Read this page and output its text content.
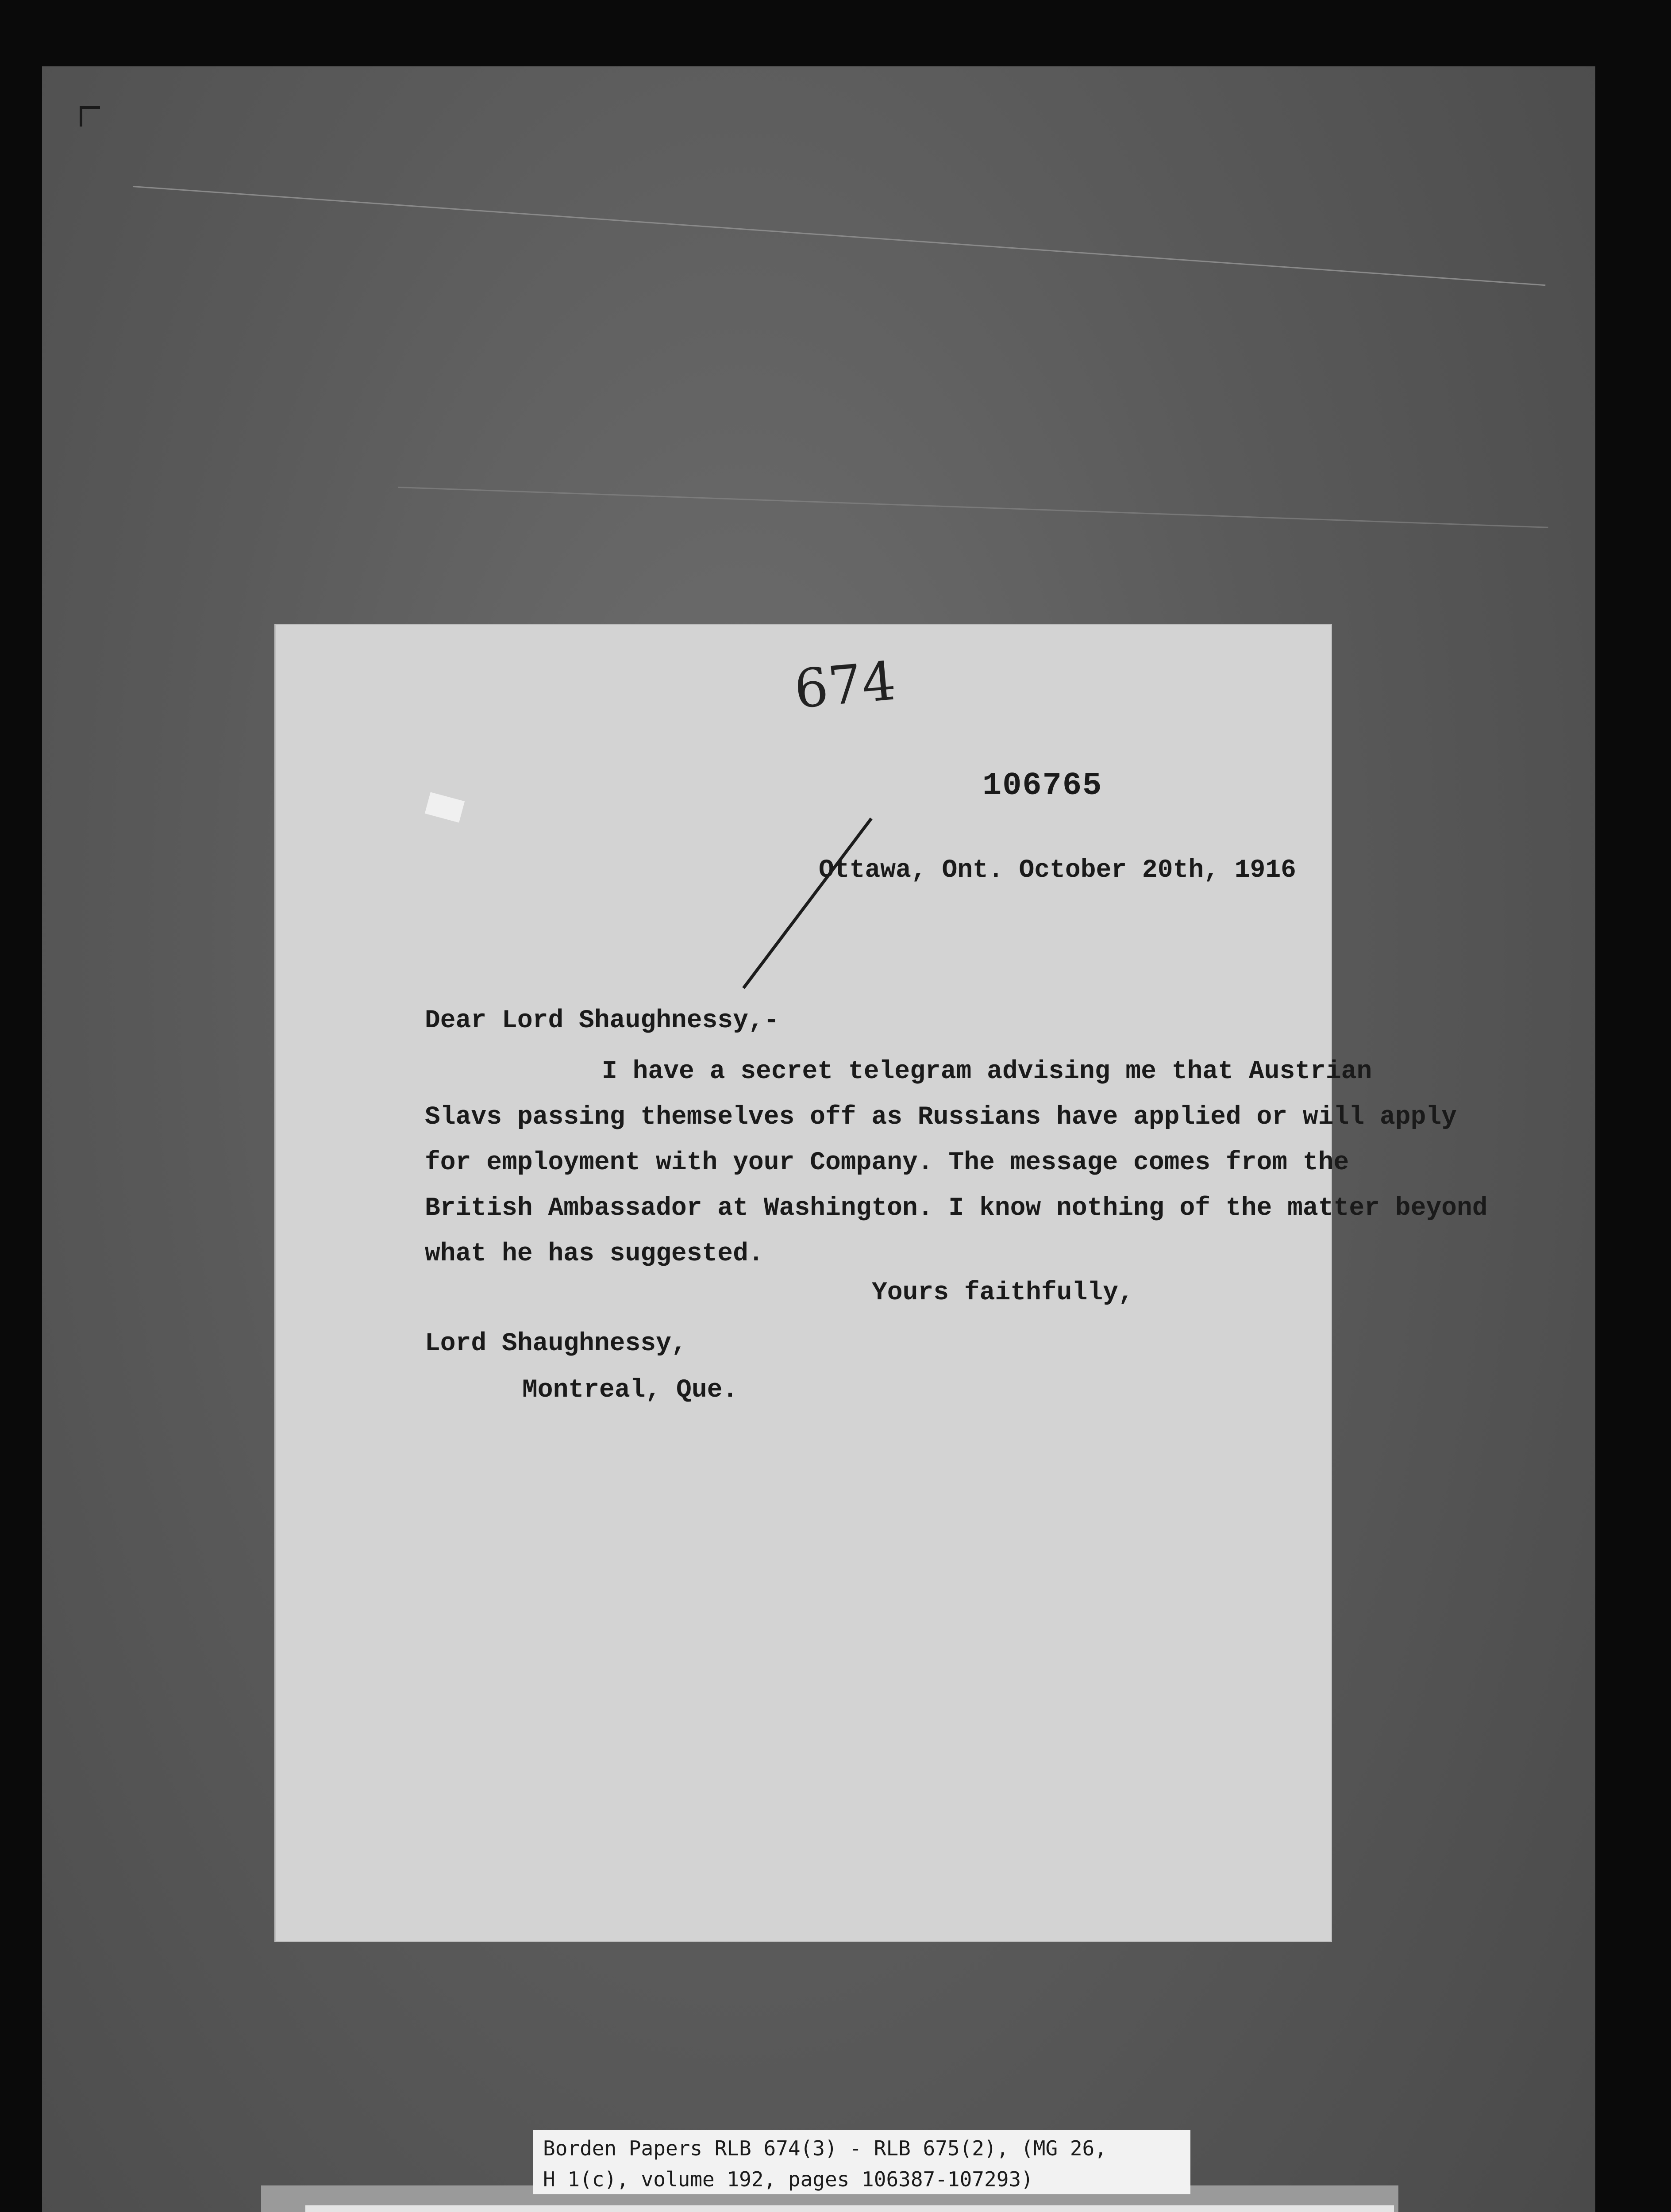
674
106765
Ottawa, Ont. October 20th, 1916
Dear Lord Shaughnessy,-
I have a secret telegram advising me that Austrian
Slavs passing themselves off as Russians have applied or will apply
for employment with your Company. The message comes from the
British Ambassador at Washington. I know nothing of the matter beyond
what he has suggested.
Yours faithfully,
Lord Shaughnessy,
Montreal, Que.
Borden Papers RLB 674(3) - RLB 675(2), (MG 26,
H 1(c), volume 192, pages 106387-107293)
